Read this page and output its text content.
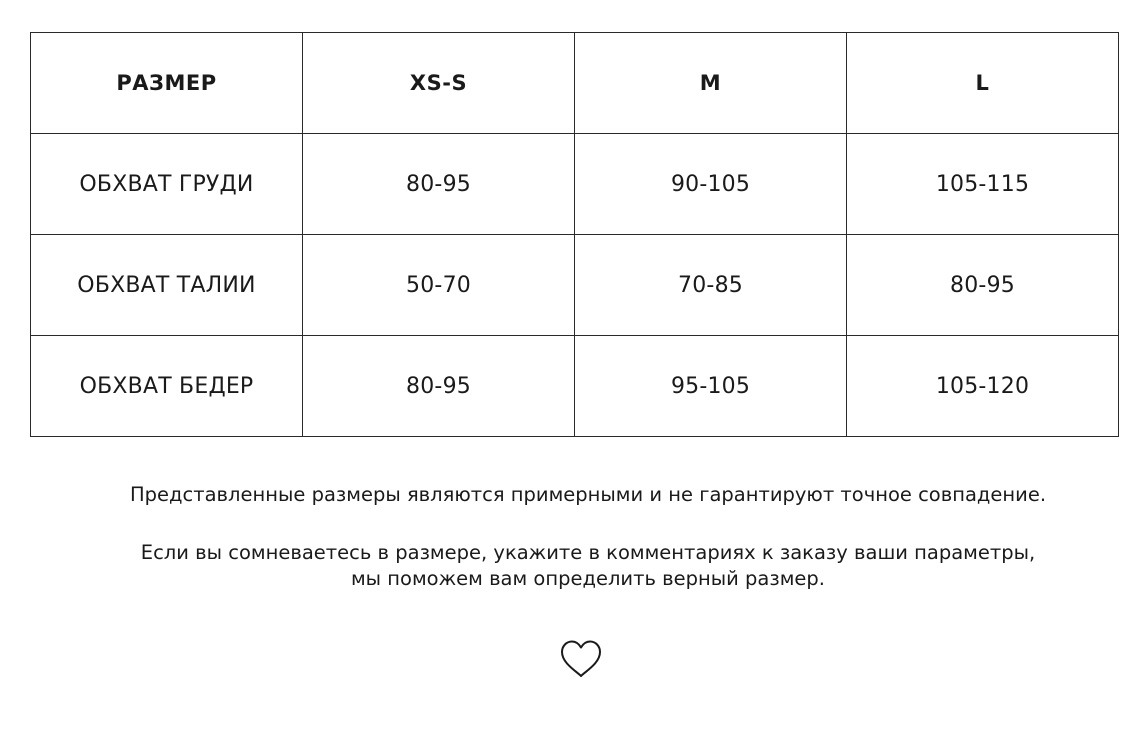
РАЗМЕР	XS-S	M	L
ОБХВАТ ГРУДИ	80-95	90-105	105-115
ОБХВАТ ТАЛИИ	50-70	70-85	80-95
ОБХВАТ БЕДЕР	80-95	95-105	105-120
Представленные размеры являются примерными и не гарантируют точное совпадение.
Если вы сомневаетесь в размере, укажите в комментариях к заказу ваши параметры,
мы поможем вам определить верный размер.
